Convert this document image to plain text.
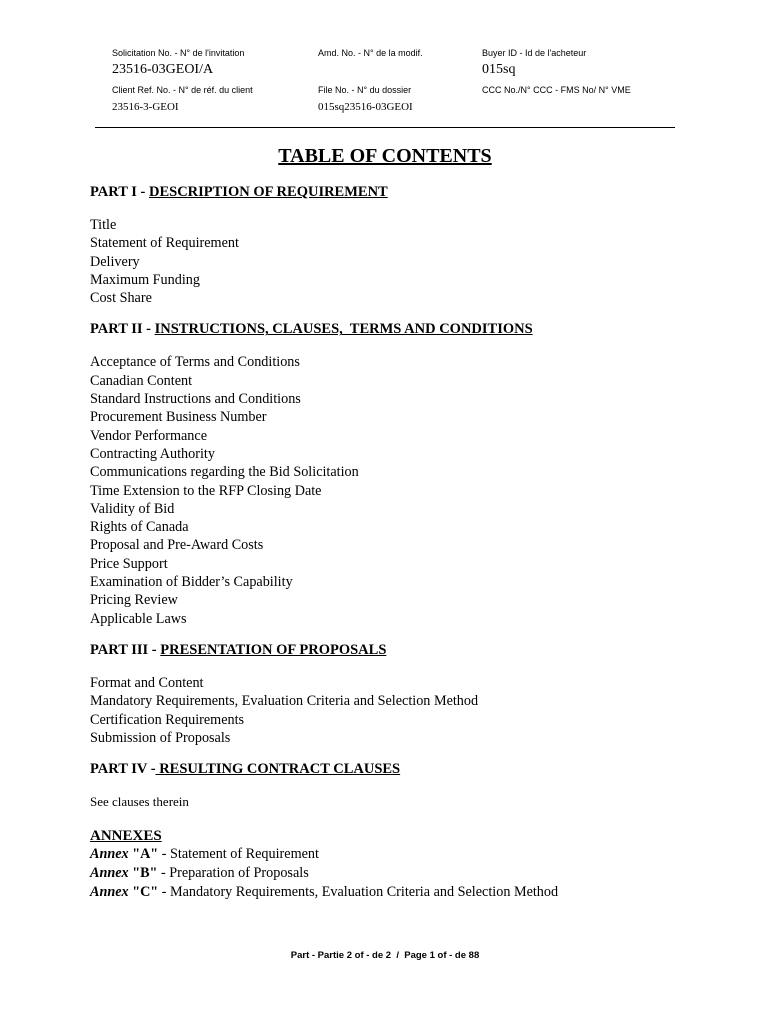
Solicitation No. - N° de l'invitation
23516-03GEOI/A
Amd. No. - N° de la modif.	Buyer ID - Id de l'acheteur
015sq
Client Ref. No. - N° de réf. du client
23516-3-GEOI
File No. - N° du dossier
015sq23516-03GEOI
CCC No./N° CCC - FMS No/ N° VME
TABLE OF CONTENTS
PART I - DESCRIPTION OF REQUIREMENT
Title
Statement of Requirement
Delivery
Maximum Funding
Cost Share
PART II - INSTRUCTIONS, CLAUSES,  TERMS AND CONDITIONS
Acceptance of Terms and Conditions
Canadian Content
Standard Instructions and Conditions
Procurement Business Number
Vendor Performance
Contracting Authority
Communications regarding the Bid Solicitation
Time Extension to the RFP Closing Date
Validity of Bid
Rights of Canada
Proposal and Pre-Award Costs
Price Support
Examination of Bidder’s Capability
Pricing Review
Applicable Laws
PART III - PRESENTATION OF PROPOSALS
Format and Content
Mandatory Requirements, Evaluation Criteria and Selection Method
Certification Requirements
Submission of Proposals
PART IV - RESULTING CONTRACT CLAUSES

See clauses therein

ANNEXES
Annex "A" - Statement of Requirement
Annex "B" - Preparation of Proposals
Annex "C" - Mandatory Requirements, Evaluation Criteria and Selection Method
Part - Partie 2 of - de 2  /  Page 1 of - de 88
